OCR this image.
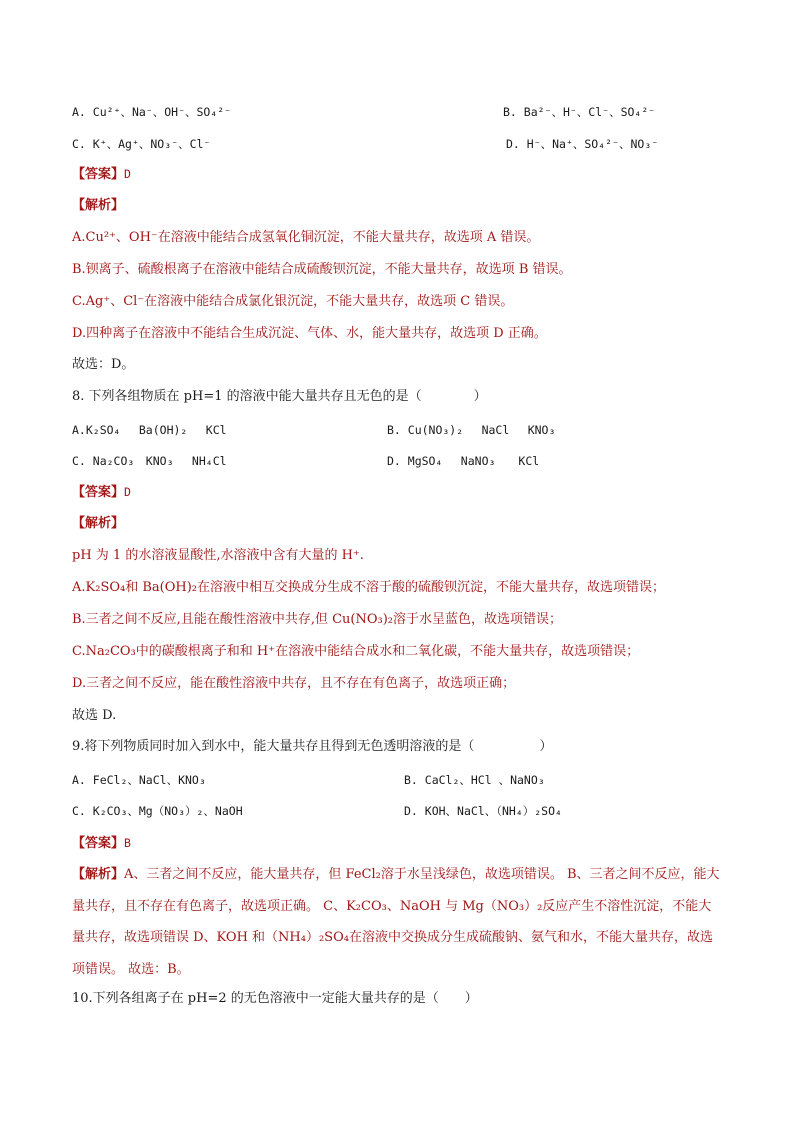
A. Cu²⁺、Na⁻、OH⁻、SO₄²⁻	B. Ba²⁻、H⁻、Cl⁻、SO₄²⁻
C. K⁺、Ag⁺、NO₃⁻、Cl⁻	D. H⁻、Na⁺、SO₄²⁻、NO₃⁻
【答案】D
【解析】
A.Cu²⁺、OH⁻在溶液中能结合成氢氧化铜沉淀，不能大量共存，故选项 A 错误。
B.钡离子、硫酸根离子在溶液中能结合成硫酸钡沉淀，不能大量共存，故选项 B 错误。
C.Ag⁺、Cl⁻在溶液中能结合成氯化银沉淀，不能大量共存，故选项 C 错误。
D.四种离子在溶液中不能结合生成沉淀、气体、水，能大量共存，故选项 D 正确。
故选：D。
8. 下列各组物质在 pH=1 的溶液中能大量共存且无色的是（　　　　）
A.K₂SO₄　 Ba(OH)₂　 KCl	B. Cu(NO₃)₂　 NaCl　 KNO₃
C. Na₂CO₃　KNO₃　 NH₄Cl	D. MgSO₄　 NaNO₃　　KCl
【答案】D
【解析】
pH 为 1 的水溶液显酸性,水溶液中含有大量的 H⁺.
A.K₂SO₄和 Ba(OH)₂在溶液中相互交换成分生成不溶于酸的硫酸钡沉淀，不能大量共存，故选项错误；
B.三者之间不反应,且能在酸性溶液中共存,但 Cu(NO₃)₂溶于水呈蓝色，故选项错误；
C.Na₂CO₃中的碳酸根离子和和 H⁺在溶液中能结合成水和二氧化碳，不能大量共存，故选项错误；
D.三者之间不反应，能在酸性溶液中共存，且不存在有色离子，故选项正确；
故选 D.
9.将下列物质同时加入到水中，能大量共存且得到无色透明溶液的是（　　　　　）
A. FeCl₂、NaCl、KNO₃	B. CaCl₂、HCl 、NaNO₃
C. K₂CO₃、Mg（NO₃）₂、NaOH	D. KOH、NaCl、（NH₄）₂SO₄
【答案】B
【解析】A、三者之间不反应，能大量共存，但 FeCl₂溶于水呈浅绿色，故选项错误。 B、三者之间不反应，能大量共存，且不存在有色离子，故选项正确。 C、K₂CO₃、NaOH 与 Mg（NO₃）₂反应产生不溶性沉淀，不能大量共存，故选项错误 D、KOH 和（NH₄）₂SO₄在溶液中交换成分生成硫酸钠、氨气和水，不能大量共存，故选项错误。 故选：B。
10.下列各组离子在 pH=2 的无色溶液中一定能大量共存的是（　　）
